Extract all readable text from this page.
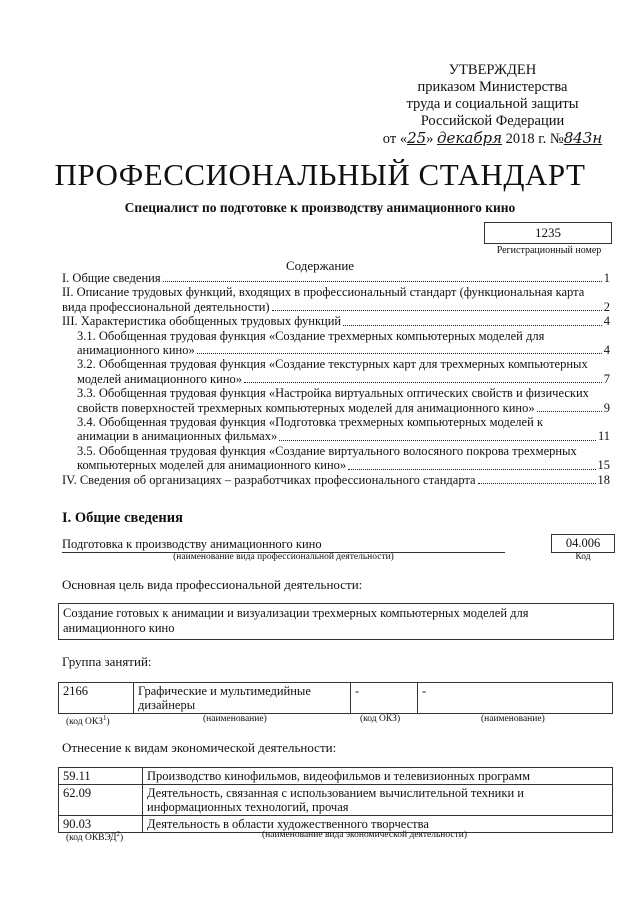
УТВЕРЖДЕН
приказом Министерства
труда и социальной защиты
Российской Федерации
от «25» декабря 2018 г. №843н
ПРОФЕССИОНАЛЬНЫЙ СТАНДАРТ
Специалист по подготовке к производству анимационного кино
1235
Регистрационный номер
Содержание
I. Общие сведения	1
II. Описание трудовых функций, входящих в профессиональный стандарт (функциональная карта
вида профессиональной деятельности)	2
III. Характеристика обобщенных трудовых функций	4
3.1. Обобщенная трудовая функция «Создание трехмерных компьютерных моделей для
анимационного кино»	4
3.2. Обобщенная трудовая функция «Создание текстурных карт для трехмерных компьютерных
моделей анимационного кино»	7
3.3. Обобщенная трудовая функция «Настройка виртуальных оптических свойств и физических
свойств поверхностей трехмерных компьютерных моделей для анимационного кино»	9
3.4. Обобщенная трудовая функция «Подготовка трехмерных компьютерных моделей к
анимации в анимационных фильмах»	11
3.5. Обобщенная трудовая функция «Создание виртуального волосяного покрова трехмерных
компьютерных моделей для анимационного кино»	15
IV. Сведения об организациях – разработчиках профессионального стандарта	18
I. Общие сведения
Подготовка к производству анимационного кино
(наименование вида профессиональной деятельности)
04.006
Код
Основная цель вида профессиональной деятельности:
Создание готовых к анимации и визуализации трехмерных компьютерных моделей для анимационного кино
Группа занятий:
2166	Графические и мультимедийные дизайнеры	-	-
(код ОКЗ$^1$)	(наименование)	(код ОКЗ)	(наименование)
Отнесение к видам экономической деятельности:
59.11	Производство кинофильмов, видеофильмов и телевизионных программ
62.09	Деятельность, связанная с использованием вычислительной техники и информационных технологий, прочая
90.03	Деятельность в области художественного творчества
(код ОКВЭД$^2$)	(наименование вида экономической деятельности)
